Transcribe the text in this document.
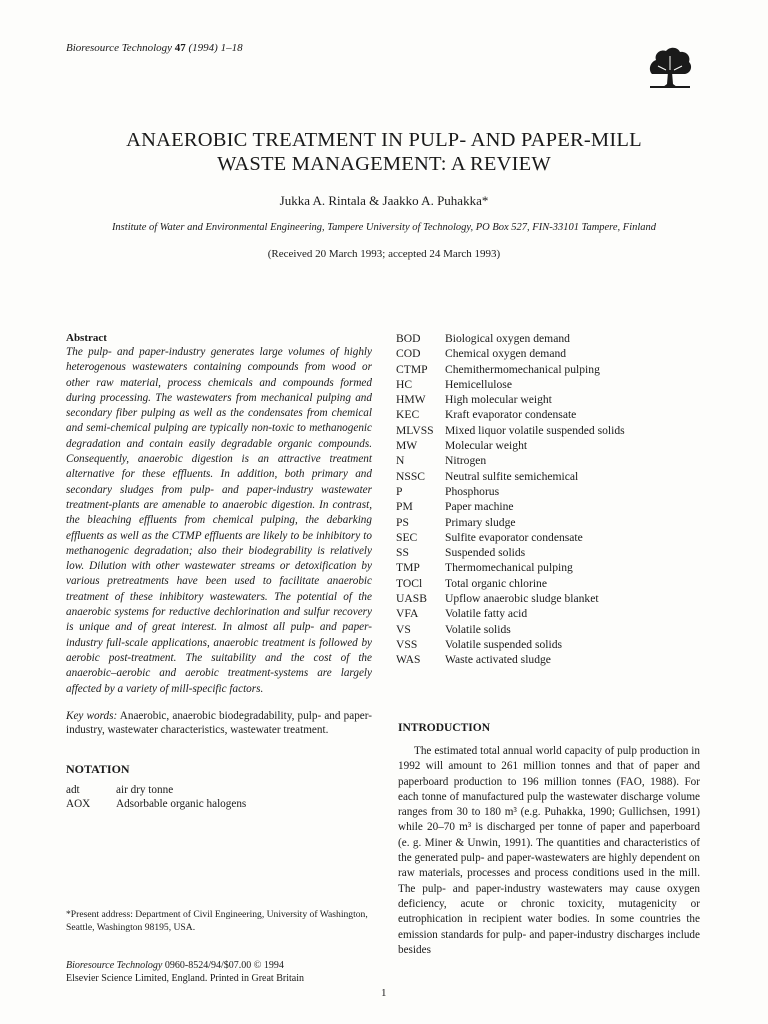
Bioresource Technology 47 (1994) 1–18
ANAEROBIC TREATMENT IN PULP- AND PAPER-MILL
WASTE MANAGEMENT: A REVIEW
Jukka A. Rintala & Jaakko A. Puhakka*
Institute of Water and Environmental Engineering, Tampere University of Technology, PO Box 527, FIN-33101 Tampere, Finland
(Received 20 March 1993; accepted 24 March 1993)
Abstract

The pulp- and paper-industry generates large volumes of highly heterogenous wastewaters containing compounds from wood or other raw material, process chemicals and compounds formed during processing. The wastewaters from mechanical pulping and secondary fiber pulping as well as the condensates from chemical and semi-chemical pulping are typically non-toxic to methanogenic degradation and contain easily degradable organic compounds. Consequently, anaerobic digestion is an attractive treatment alternative for these effluents. In addition, both primary and secondary sludges from pulp- and paper-industry wastewater treatment-plants are amenable to anaerobic digestion. In contrast, the bleaching effluents from chemical pulping, the debarking effluents as well as the CTMP effluents are likely to be inhibitory to methanogenic degradation; also their biodegrability is relatively low. Dilution with other wastewater streams or detoxification by various pretreatments have been used to facilitate anaerobic treatment of these inhibitory wastewaters. The potential of the anaerobic systems for reductive dechlorination and sulfur recovery is unique and of great interest. In almost all pulp- and paper-industry full-scale applications, anaerobic treatment is followed by aerobic post-treatment. The suitability and the cost of the anaerobic–aerobic and aerobic treatment-systems are largely affected by a variety of mill-specific factors.

Key words: Anaerobic, anaerobic biodegradability, pulp- and paper-industry, wastewater characteristics, wastewater treatment.
NOTATION
adt	air dry tonne
AOX	Adsorbable organic halogens
*Present address: Department of Civil Engineering, University of Washington, Seattle, Washington 98195, USA.
Bioresource Technology 0960-8524/94/$07.00 © 1994
Elsevier Science Limited, England. Printed in Great Britain
1
BOD	Biological oxygen demand
COD	Chemical oxygen demand
CTMP	Chemithermomechanical pulping
HC	Hemicellulose
HMW	High molecular weight
KEC	Kraft evaporator condensate
MLVSS Mixed liquor volatile suspended solids
MW	Molecular weight
N	Nitrogen
NSSC	Neutral sulfite semichemical
P	Phosphorus
PM	Paper machine
PS	Primary sludge
SEC	Sulfite evaporator condensate
SS	Suspended solids
TMP	Thermomechanical pulping
TOCl	Total organic chlorine
UASB	Upflow anaerobic sludge blanket
VFA	Volatile fatty acid
VS	Volatile solids
VSS	Volatile suspended solids
WAS	Waste activated sludge
INTRODUCTION

The estimated total annual world capacity of pulp production in 1992 will amount to 261 million tonnes and that of paper and paperboard production to 196 million tonnes (FAO, 1988). For each tonne of manufactured pulp the wastewater discharge volume ranges from 30 to 180 m³ (e.g. Puhakka, 1990; Gullichsen, 1991) while 20–70 m³ is discharged per tonne of paper and paperboard (e. g. Miner & Unwin, 1991). The quantities and characteristics of the generated pulp- and paper-wastewaters are highly dependent on raw materials, processes and process conditions used in the mill. The pulp- and paper-industry wastewaters may cause oxygen deficiency, acute or chronic toxicity, mutagenicity or eutrophication in recipient water bodies. In some countries the emission standards for pulp- and paper-industry discharges include besides
